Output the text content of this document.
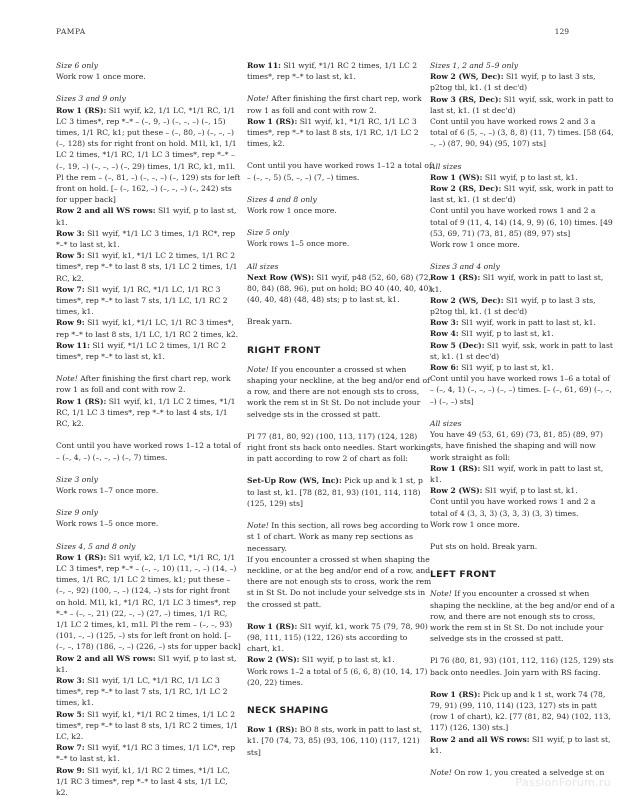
PAMPA	129

Size 6 only

Work row 1 once more.

Sizes 3 and 9 only

Row 1 (RS): Sl1 wyif, k2, 1/1 LC, *1/1 RC, 1/1 LC 3 times*, rep *–* – (–, 9, –) (–, –, –) (–, 15) times, 1/1 RC, k1; put these – (–, 80, –) (–, –, –) (–, 128) sts for right front on hold. M1l, k1, 1/1 LC 2 times, *1/1 RC, 1/1 LC 3 times*, rep *–* – (–, 19, –) (–, –, –) (–, 29) times, 1/1 RC, k1, m1l. Pl the rem – (–, 81, –) (–, –, –) (–, 129) sts for left front on hold. [– (–, 162, –) (–, –, –) (–, 242) sts for upper back]

Row 2 and all WS rows: Sl1 wyif, p to last st, k1.

Row 3: Sl1 wyif, *1/1 LC 3 times, 1/1 RC*, rep *–* to last st, k1.

Row 5: Sl1 wyif, k1, *1/1 LC 2 times, 1/1 RC 2 times*, rep *–* to last 8 sts, 1/1 LC 2 times, 1/1 RC, k2.

Row 7: Sl1 wyif, 1/1 RC, *1/1 LC, 1/1 RC 3 times*, rep *–* to last 7 sts, 1/1 LC, 1/1 RC 2 times, k1.

Row 9: Sl1 wyif, k1, *1/1 LC, 1/1 RC 3 times*, rep *–* to last 8 sts, 1/1 LC, 1/1 RC 2 times, k2.

Row 11: Sl1 wyif, *1/1 LC 2 times, 1/1 RC 2 times*, rep *–* to last st, k1.

Note! After finishing the first chart rep, work row 1 as foll and cont with row 2.

Row 1 (RS): Sl1 wyif, k1, 1/1 LC 2 times, *1/1 RC, 1/1 LC 3 times*, rep *–* to last 4 sts, 1/1 RC, k2.

Cont until you have worked rows 1–12 a total of – (–, 4, –) (–, –, –) (–, 7) times.

Size 3 only

Work rows 1–7 once more.

Size 9 only

Work rows 1–5 once more.

Sizes 4, 5 and 8 only

Row 1 (RS): Sl1 wyif, k2, 1/1 LC, *1/1 RC, 1/1 LC 3 times*, rep *–* – (–, –, 10) (11, –, –) (14, –) times, 1/1 RC, 1/1 LC 2 times, k1; put these – (–, –, 92) (100, –, –) (124, –) sts for right front on hold. M1l, k1, *1/1 RC, 1/1 LC 3 times*, rep *–* – (–, –, 21) (22, –, –) (27, –) times, 1/1 RC, 1/1 LC 2 times, k1, m1l. Pl the rem – (–, –, 93) (101, –, –) (125, –) sts for left front on hold. [– (–, –, 178) (186, –, –) (226, –) sts for upper back]

Row 2 and all WS rows: Sl1 wyif, p to last st, k1.

Row 3: Sl1 wyif, 1/1 LC, *1/1 RC, 1/1 LC 3 times*, rep *–* to last 7 sts, 1/1 RC, 1/1 LC 2 times, k1.

Row 5: Sl1 wyif, k1, *1/1 RC 2 times, 1/1 LC 2 times*, rep *–* to last 8 sts, 1/1 RC 2 times, 1/1 LC, k2.

Row 7: Sl1 wyif, *1/1 RC 3 times, 1/1 LC*, rep *–* to last st, k1.

Row 9: Sl1 wyif, k1, 1/1 RC 2 times, *1/1 LC, 1/1 RC 3 times*, rep *–* to last 4 sts, 1/1 LC, k2.

Row 11: Sl1 wyif, *1/1 RC 2 times, 1/1 LC 2 times*, rep *–* to last st, k1.

Note! After finishing the first chart rep, work row 1 as foll and cont with row 2.

Row 1 (RS): Sl1 wyif, k1, *1/1 RC, 1/1 LC 3 times*, rep *–* to last 8 sts, 1/1 RC, 1/1 LC 2 times, k2.

Cont until you have worked rows 1–12 a total of – (–, –, 5) (5, –, –) (7, –) times.

Sizes 4 and 8 only

Work row 1 once more.

Size 5 only

Work rows 1–5 once more.

All sizes

Next Row (WS): Sl1 wyif, p48 (52, 60, 68) (72, 80, 84) (88, 96), put on hold; BO 40 (40, 40, 40) (40, 40, 48) (48, 48) sts; p to last st, k1.

Break yarn.

RIGHT FRONT

Note! If you encounter a crossed st when shaping your neckline, at the beg and/or end of a row, and there are not enough sts to cross, work the rem st in St St. Do not include your selvedge sts in the crossed st patt.

Pl 77 (81, 80, 92) (100, 113, 117) (124, 128) right front sts back onto needles. Start working in patt according to row 2 of chart as foll:

Set-Up Row (WS, Inc): Pick up and k 1 st, p to last st, k1. [78 (82, 81, 93) (101, 114, 118) (125, 129) sts]

Note! In this section, all rows beg according to st 1 of chart. Work as many rep sections as necessary.

If you encounter a crossed st when shaping the neckline, or at the beg and/or end of a row, and there are not enough sts to cross, work the rem st in St St. Do not include your selvedge sts in the crossed st patt.

Row 1 (RS): Sl1 wyif, k1, work 75 (79, 78, 90) (98, 111, 115) (122, 126) sts according to chart, k1.

Row 2 (WS): Sl1 wyif, p to last st, k1.

Work rows 1–2 a total of 5 (6, 6, 8) (10, 14, 17) (20, 22) times.

NECK SHAPING

Row 1 (RS): BO 8 sts, work in patt to last st, k1. [70 (74, 73, 85) (93, 106, 110) (117, 121) sts]

Sizes 1, 2 and 5–9 only

Row 2 (WS, Dec): Sl1 wyif, p to last 3 sts, p2tog tbl, k1. (1 st dec'd)

Row 3 (RS, Dec): Sl1 wyif, ssk, work in patt to last st, k1. (1 st dec'd)

Cont until you have worked rows 2 and 3 a total of 6 (5, –, –) (3, 8, 8) (11, 7) times. [58 (64, –, –) (87, 90, 94) (95, 107) sts]

All sizes

Row 1 (WS): Sl1 wyif, p to last st, k1.

Row 2 (RS, Dec): Sl1 wyif, ssk, work in patt to last st, k1. (1 st dec'd)

Cont until you have worked rows 1 and 2 a total of 9 (11, 4, 14) (14, 9, 9) (6, 10) times. [49 (53, 69, 71) (73, 81, 85) (89, 97) sts]

Work row 1 once more.

Sizes 3 and 4 only

Row 1 (RS): Sl1 wyif, work in patt to last st, k1.

Row 2 (WS, Dec): Sl1 wyif, p to last 3 sts, p2tog tbl, k1. (1 st dec'd)

Row 3: Sl1 wyif, work in patt to last st, k1.

Row 4: Sl1 wyif, p to last st, k1.

Row 5 (Dec): Sl1 wyif, ssk, work in patt to last st, k1. (1 st dec'd)

Row 6: Sl1 wyif, p to last st, k1.

Cont until you have worked rows 1–6 a total of – (–, 4, 1) (–, –, –) (–, –) times. [– (–, 61, 69) (–, –, –) (–, –) sts]

All sizes

You have 49 (53, 61, 69) (73, 81, 85) (89, 97) sts, have finished the shaping and will now work straight as foll:

Row 1 (RS): Sl1 wyif, work in patt to last st, k1.

Row 2 (WS): Sl1 wyif, p to last st, k1.

Cont until you have worked rows 1 and 2 a total of 4 (3, 3, 3) (3, 3, 3) (3, 3) times.

Work row 1 once more.

Put sts on hold. Break yarn.

LEFT FRONT

Note! If you encounter a crossed st when shaping the neckline, at the beg and/or end of a row, and there are not enough sts to cross, work the rem st in St St. Do not include your selvedge sts in the crossed st patt.

Pl 76 (80, 81, 93) (101, 112, 116) (125, 129) sts back onto needles. Join yarn with RS facing.

Row 1 (RS): Pick up and k 1 st, work 74 (78, 79, 91) (99, 110, 114) (123, 127) sts in patt (row 1 of chart), k2. [77 (81, 82, 94) (102, 113, 117) (126, 130) sts.]

Row 2 and all WS rows: Sl1 wyif, p to last st, k1.

Note! On row 1, you created a selvedge st on

PassionForum.ru
